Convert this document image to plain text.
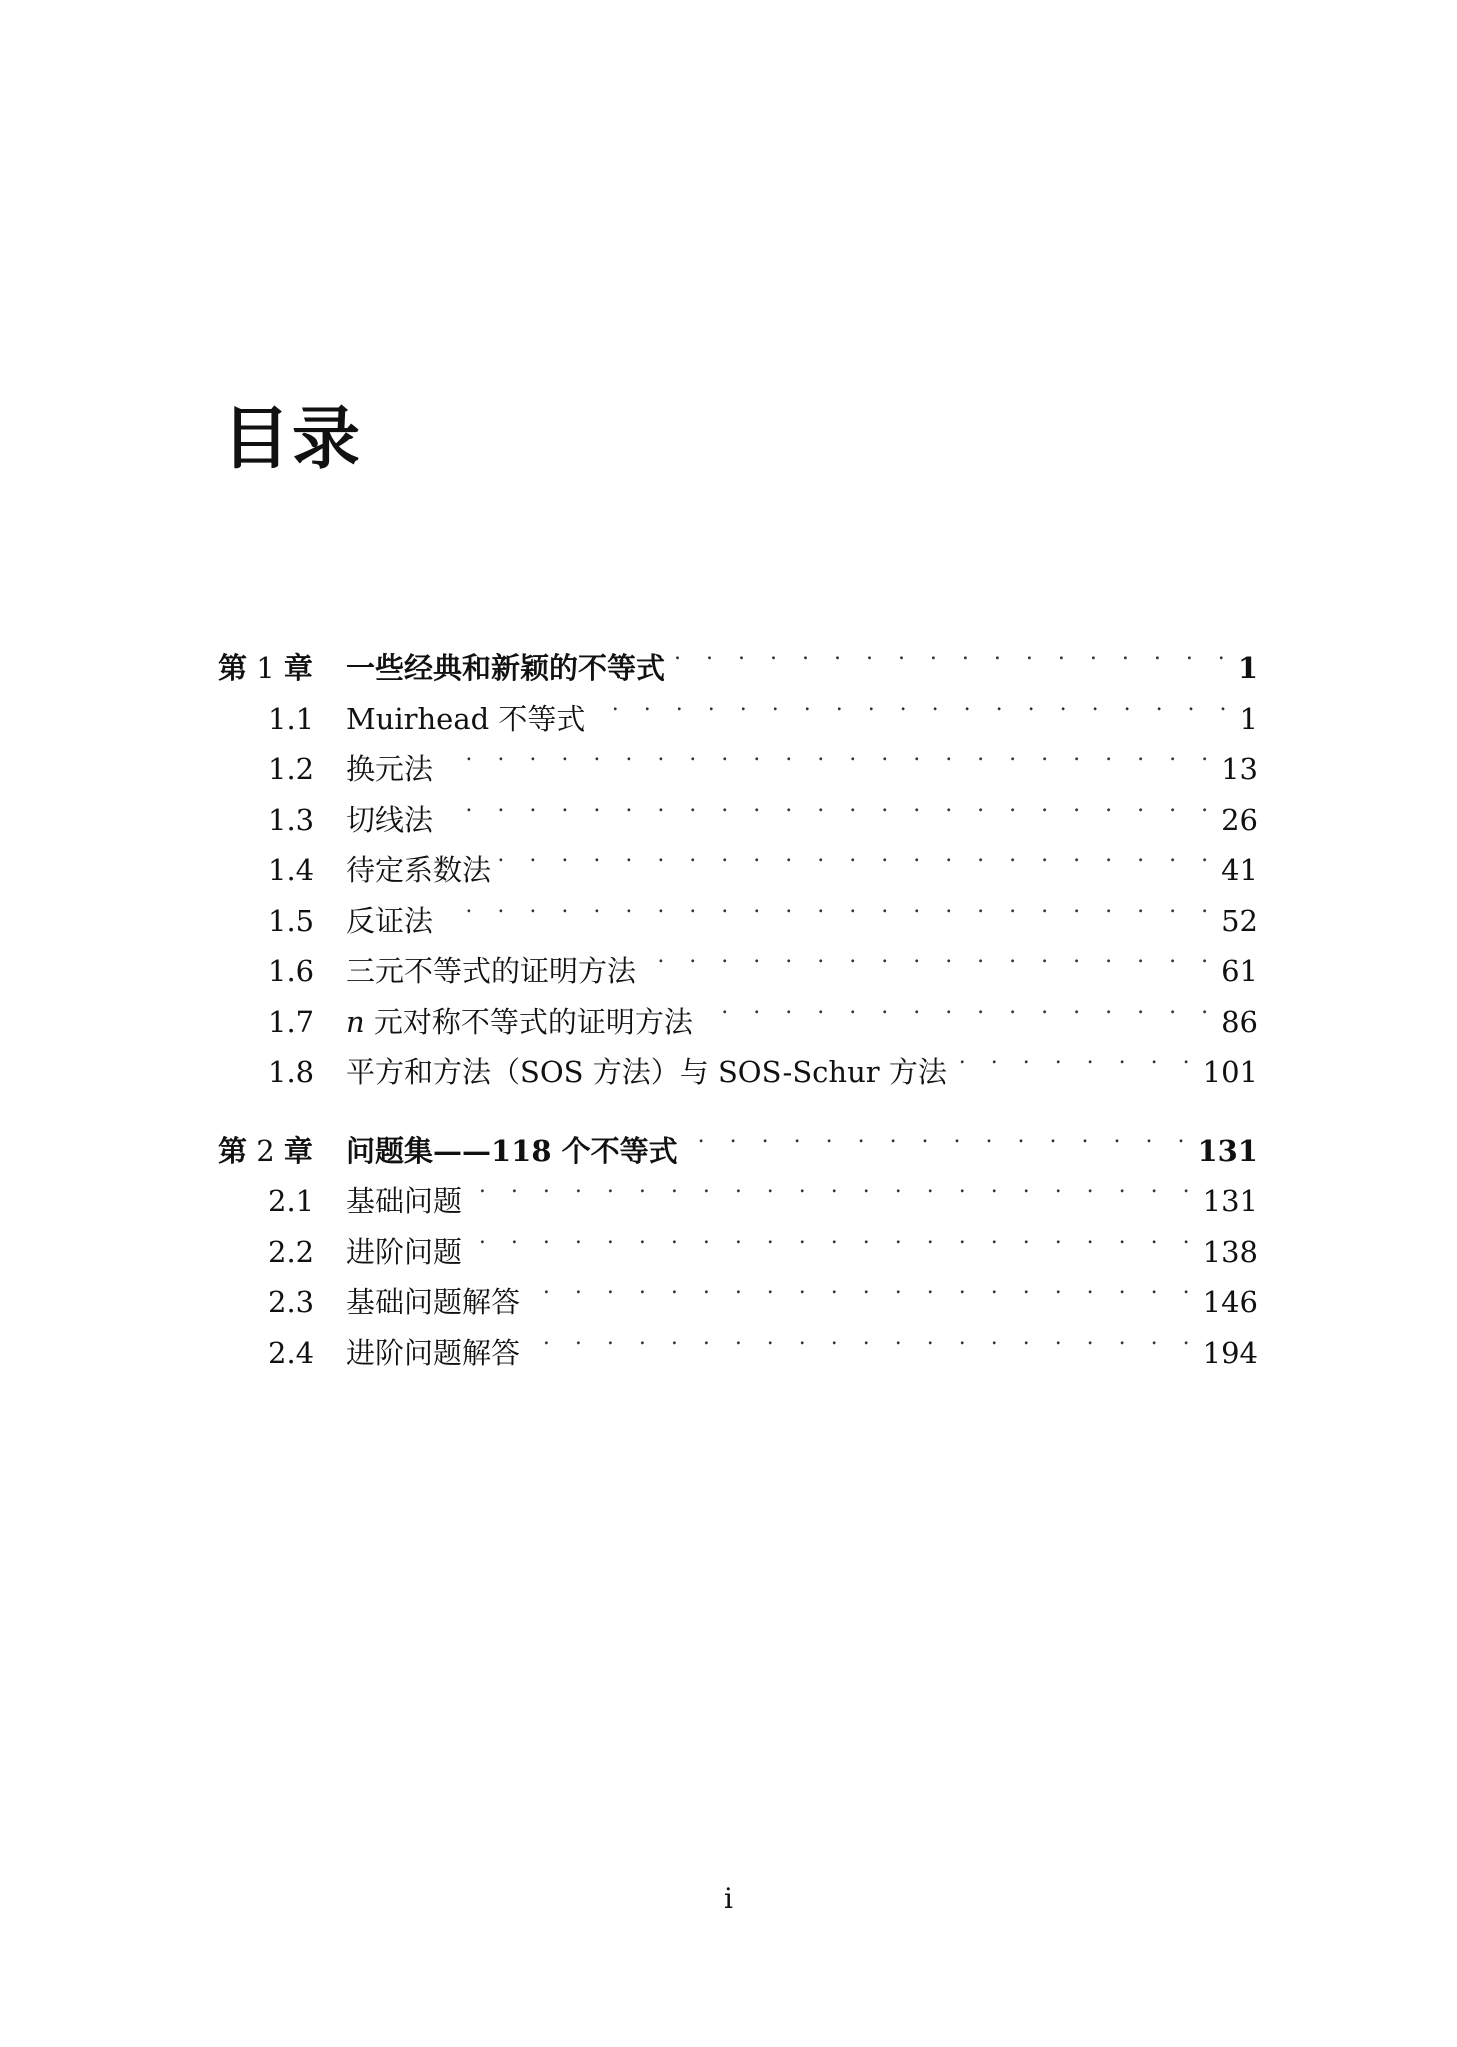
目录
第 1 章	一些经典和新颖的不等式 . . .	1
1.1	Muirhead 不等式 . . .	1
1.2	换元法 . . .	13
1.3	切线法 . . .	26
1.4	待定系数法 . . .	41
1.5	反证法 . . .	52
1.6	三元不等式的证明方法 . . .	61
1.7	n 元对称不等式的证明方法 . . .	86
1.8	平方和方法（SOS 方法）与 SOS-Schur 方法 . . .	101
第 2 章	问题集——118 个不等式 . . .	131
2.1	基础问题 . . .	131
2.2	进阶问题 . . .	138
2.3	基础问题解答 . . .	146
2.4	进阶问题解答 . . .	194
i
